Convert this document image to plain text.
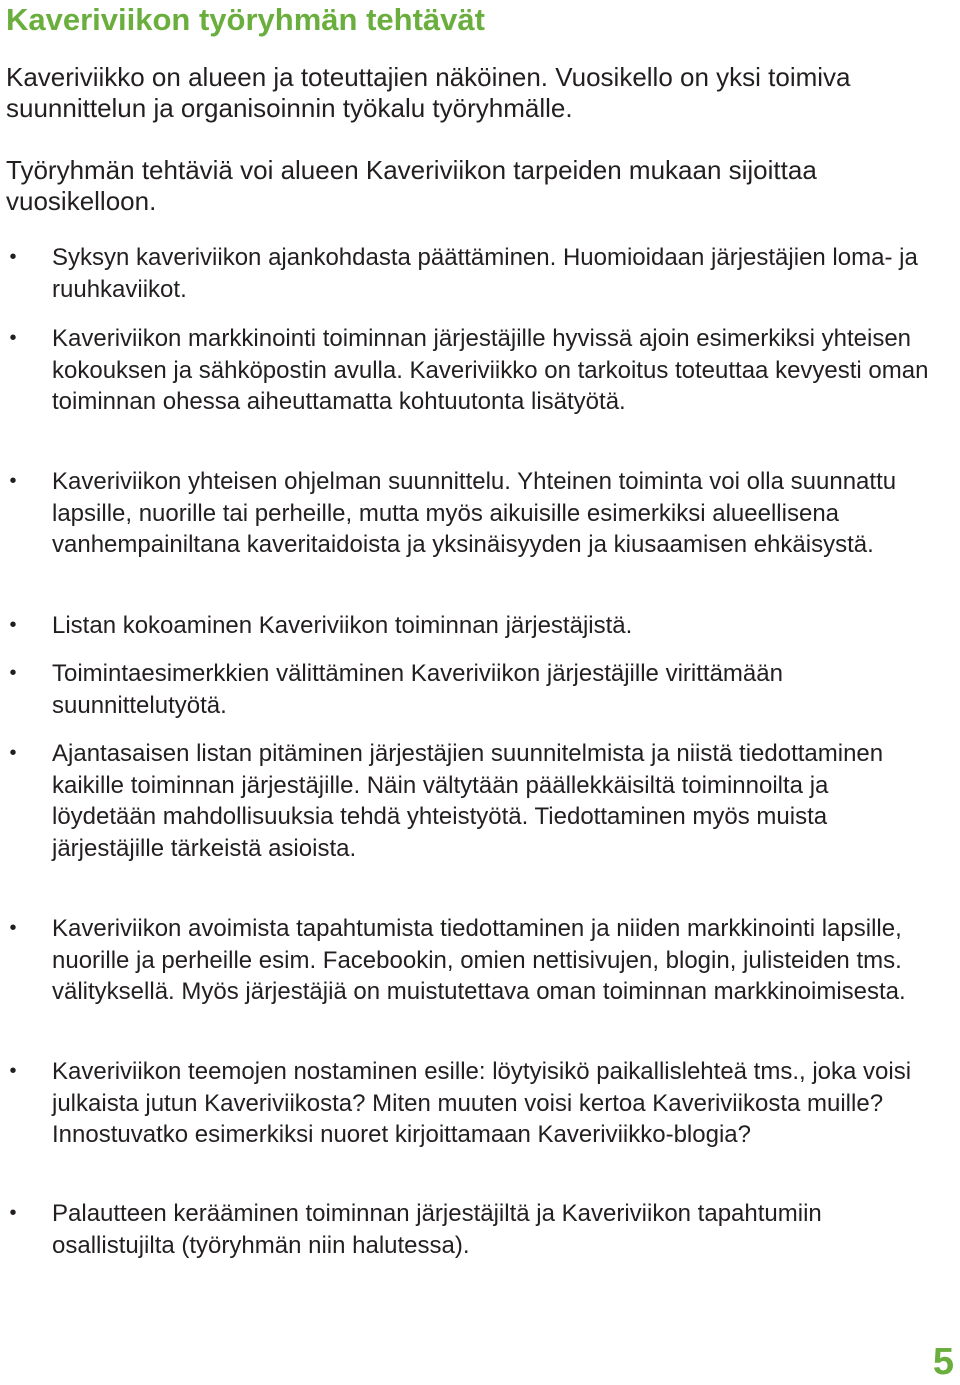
Kaveriviikon työryhmän tehtävät

Kaveriviikko on alueen ja toteuttajien näköinen. Vuosikello on yksi toimiva suunnittelun ja organisoinnin työkalu työryhmälle.

Työryhmän tehtäviä voi alueen Kaveriviikon tarpeiden mukaan sijoittaa vuosikelloon.

• Syksyn kaveriviikon ajankohdasta päättäminen. Huomioidaan järjestäjien loma- ja ruuhkaviikot.
• Kaveriviikon markkinointi toiminnan järjestäjille hyvissä ajoin esimerkiksi yhteisen kokouksen ja sähköpostin avulla. Kaveriviikko on tarkoitus toteuttaa kevyesti oman toiminnan ohessa aiheuttamatta kohtuutonta lisätyötä.
• Kaveriviikon yhteisen ohjelman suunnittelu. Yhteinen toiminta voi olla suunnattu lapsille, nuorille tai perheille, mutta myös aikuisille esimerkiksi alueellisena vanhempainiltana kaveritaidoista ja yksinäisyyden ja kiusaamisen ehkäisystä.
• Listan kokoaminen Kaveriviikon toiminnan järjestäjistä.
• Toimintaesimerkkien välittäminen Kaveriviikon järjestäjille virittämään suunnittelutyötä.
• Ajantasaisen listan pitäminen järjestäjien suunnitelmista ja niistä tiedottaminen kaikille toiminnan järjestäjille. Näin vältytään päällekkäisiltä toiminnoilta ja löydetään mahdollisuuksia tehdä yhteistyötä. Tiedottaminen myös muista järjestäjille tärkeistä asioista.
• Kaveriviikon avoimista tapahtumista tiedottaminen ja niiden markkinointi lapsille, nuorille ja perheille esim. Facebookin, omien nettisivujen, blogin, julisteiden tms. välityksellä. Myös järjestäjiä on muistutettava oman toiminnan markkinoimisesta.
• Kaveriviikon teemojen nostaminen esille: löytyisikö paikallislehteä tms., joka voisi julkaista jutun Kaveriviikosta? Miten muuten voisi kertoa Kaveriviikosta muille? Innostuvatko esimerkiksi nuoret kirjoittamaan Kaveriviikko-blogia?
• Palautteen kerääminen toiminnan järjestäjiltä ja Kaveriviikon tapahtumiin osallistujilta (työryhmän niin halutessa).

5
